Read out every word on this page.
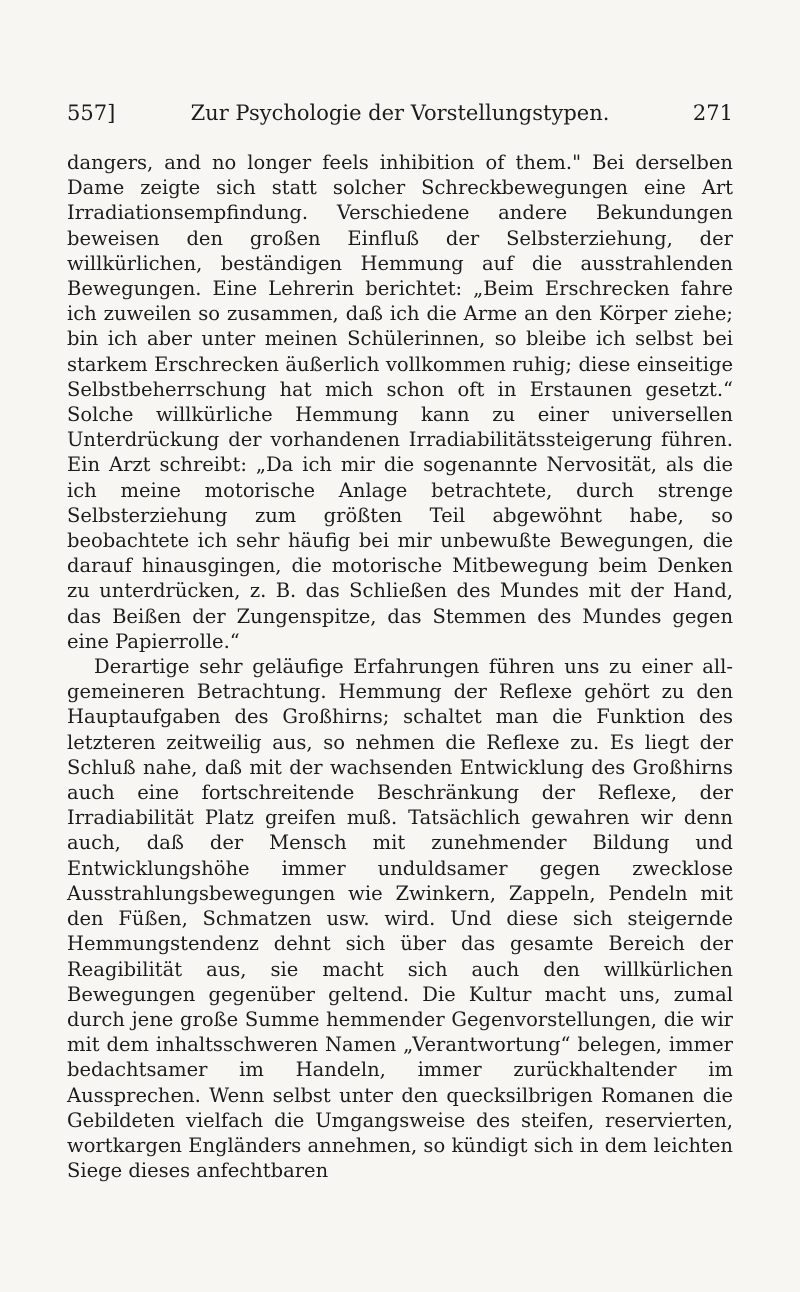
557]	Zur Psychologie der Vorstellungstypen.	271

dangers, and no longer feels inhibition of them." Bei derselben Dame zeigte sich statt solcher Schreckbewegungen eine Art Irradiationsempfindung. Verschiedene andere Bekundungen beweisen den großen Einfluß der Selbsterziehung, der willkürlichen, beständigen Hemmung auf die ausstrahlenden Bewegungen. Eine Lehrerin berichtet: „Beim Erschrecken fahre ich zuweilen so zusammen, daß ich die Arme an den Körper ziehe; bin ich aber unter meinen Schülerinnen, so bleibe ich selbst bei starkem Erschrecken äußerlich vollkommen ruhig; diese einseitige Selbstbeherrschung hat mich schon oft in Erstaunen gesetzt.“ Solche willkürliche Hemmung kann zu einer universellen Unterdrückung der vorhandenen Irradiabilitätssteigerung führen. Ein Arzt schreibt: „Da ich mir die sogenannte Nervosität, als die ich meine motorische Anlage betrachtete, durch strenge Selbsterziehung zum größten Teil abgewöhnt habe, so beobachtete ich sehr häufig bei mir unbewußte Bewegungen, die darauf hinausgingen, die motorische Mitbewegung beim Denken zu unterdrücken, z. B. das Schließen des Mundes mit der Hand, das Beißen der Zungenspitze, das Stemmen des Mundes gegen eine Papierrolle.“

Derartige sehr geläufige Erfahrungen führen uns zu einer allgemeineren Betrachtung. Hemmung der Reflexe gehört zu den Hauptaufgaben des Großhirns; schaltet man die Funktion des letzteren zeitweilig aus, so nehmen die Reflexe zu. Es liegt der Schluß nahe, daß mit der wachsenden Entwicklung des Großhirns auch eine fortschreitende Beschränkung der Reflexe, der Irradiabilität Platz greifen muß. Tatsächlich gewahren wir denn auch, daß der Mensch mit zunehmender Bildung und Entwicklungshöhe immer unduldsamer gegen zwecklose Ausstrahlungsbewegungen wie Zwinkern, Zappeln, Pendeln mit den Füßen, Schmatzen usw. wird. Und diese sich steigernde Hemmungstendenz dehnt sich über das gesamte Bereich der Reagibilität aus, sie macht sich auch den willkürlichen Bewegungen gegenüber geltend. Die Kultur macht uns, zumal durch jene große Summe hemmender Gegenvorstellungen, die wir mit dem inhaltsschweren Namen „Verantwortung“ belegen, immer bedachtsamer im Handeln, immer zurückhaltender im Aussprechen. Wenn selbst unter den quecksilbrigen Romanen die Gebildeten vielfach die Umgangsweise des steifen, reservierten, wortkargen Engländers annehmen, so kündigt sich in dem leichten Siege dieses anfechtbaren
